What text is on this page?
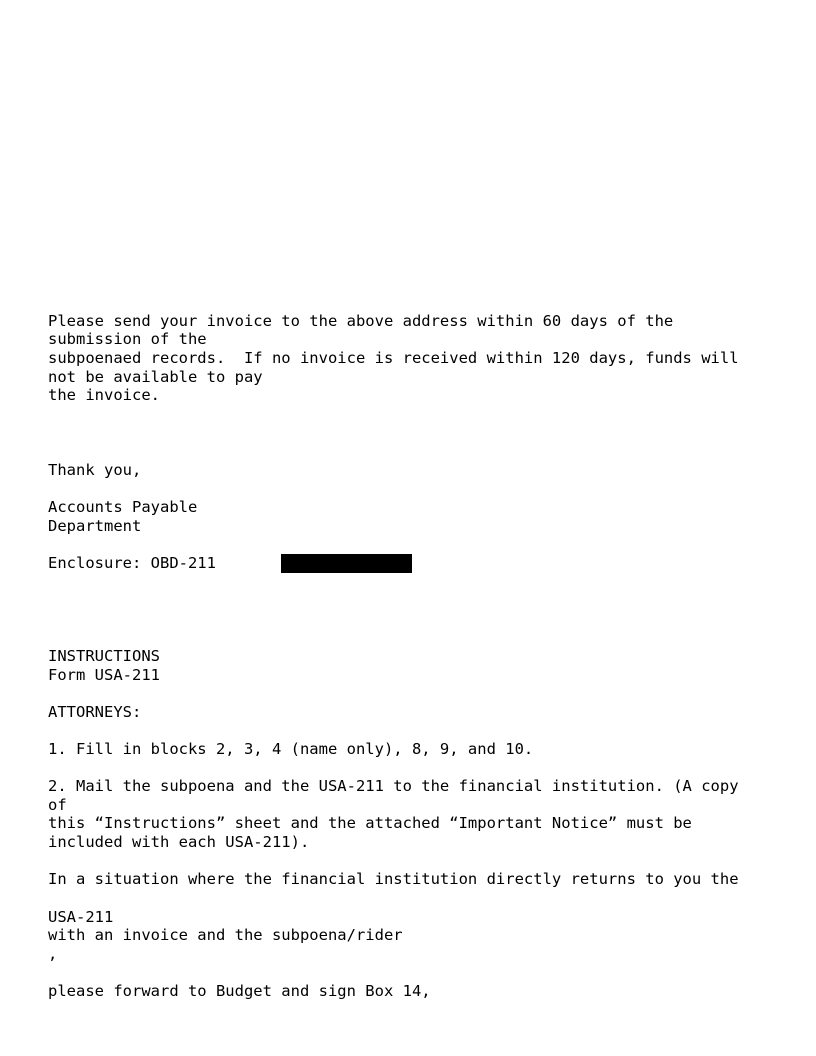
Please send your invoice to the above address within 60 days of the

submission of the

subpoenaed records.  If no invoice is received within 120 days, funds will

not be available to pay

the invoice.

Thank you,

Accounts Payable

Department

Enclosure: OBD-211

INSTRUCTIONS

Form USA-211

ATTORNEYS:

1. Fill in blocks 2, 3, 4 (name only), 8, 9, and 10.

2. Mail the subpoena and the USA-211 to the financial institution. (A copy

of

this “Instructions” sheet and the attached “Important Notice” must be

included with each USA-211).

In a situation where the financial institution directly returns to you the

USA-211

with an invoice and the subpoena/rider

,

please forward to Budget and sign Box 14,
